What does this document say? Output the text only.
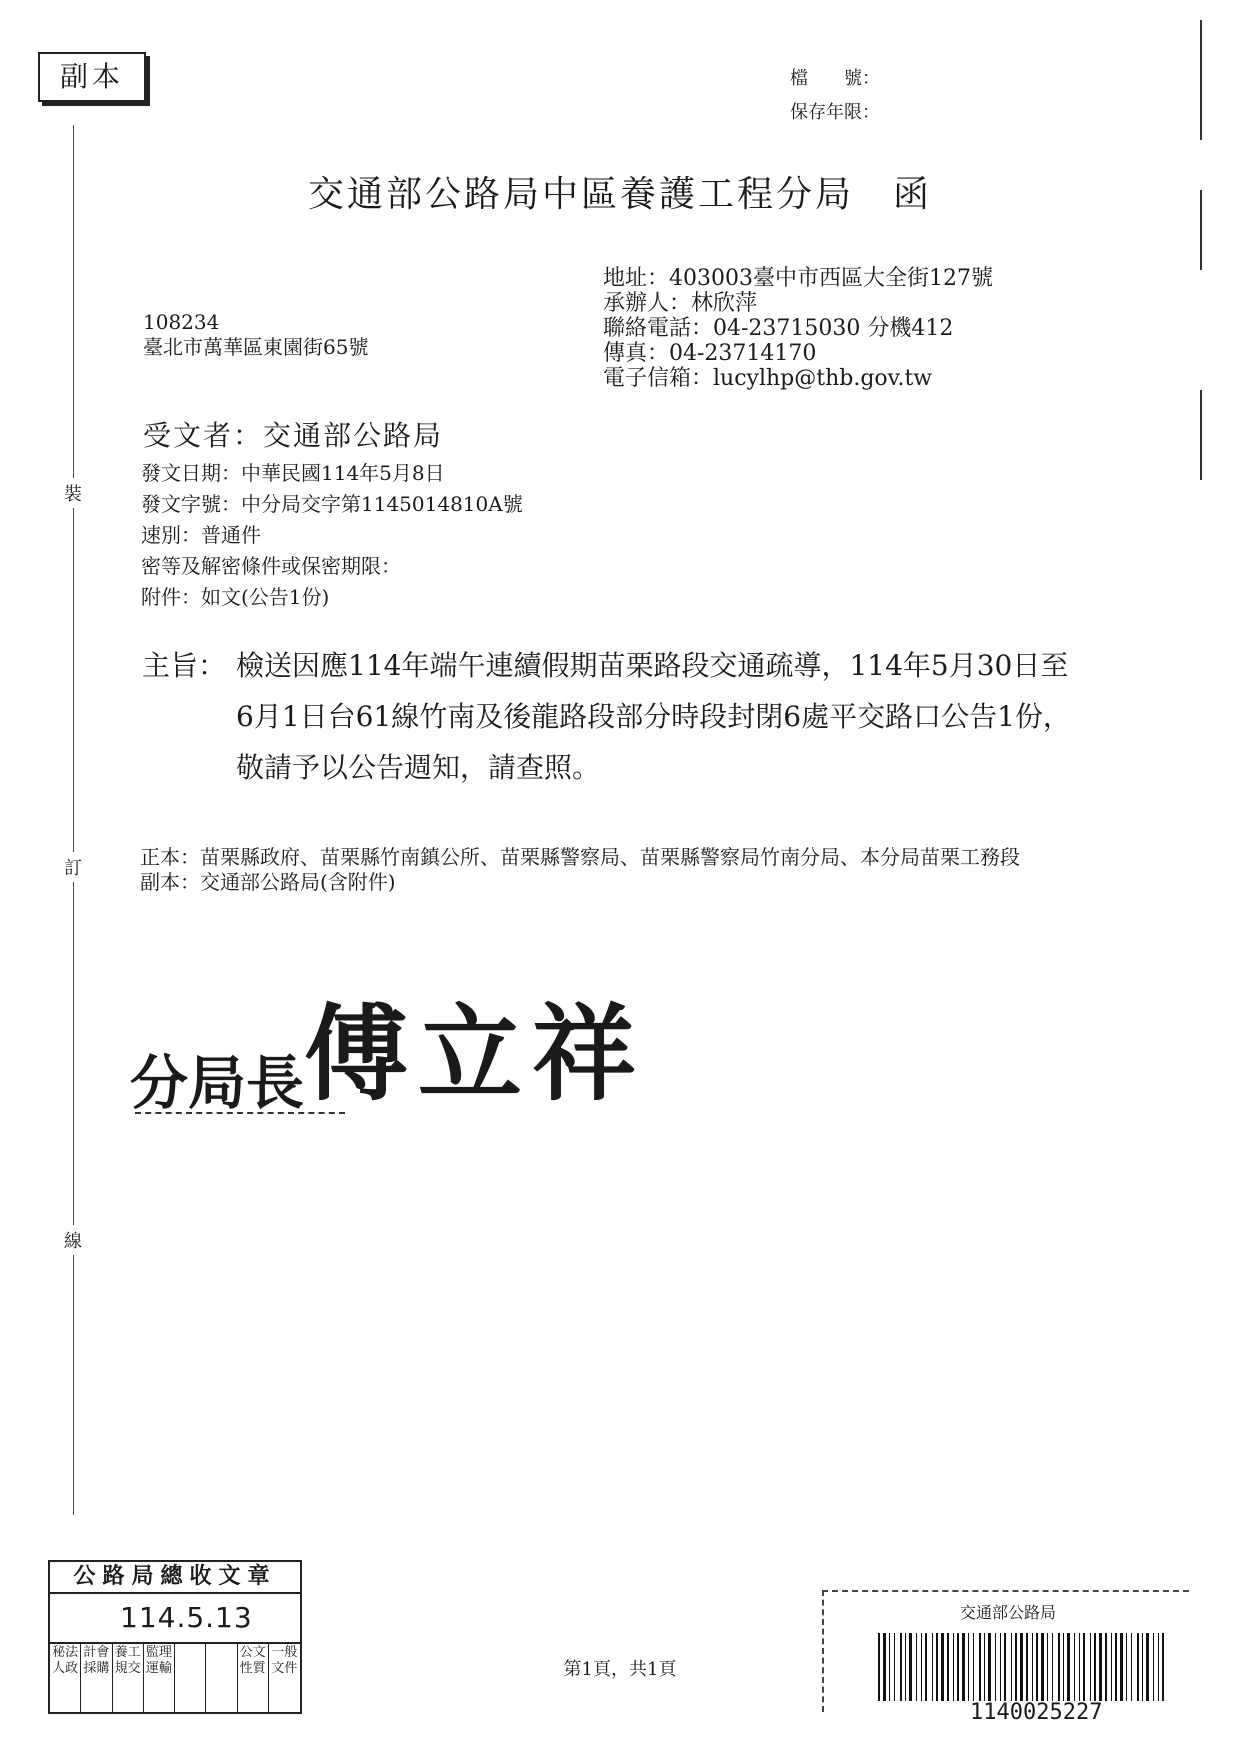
副本	檔　　號：
保存年限：
交通部公路局中區養護工程分局　函
地址：403003臺中市西區大全街127號
承辦人：林欣萍
聯絡電話：04-23715030 分機412
傳真：04-23714170
電子信箱：lucylhp@thb.gov.tw
108234
臺北市萬華區東園街65號
受文者：交通部公路局
發文日期：中華民國114年5月8日
發文字號：中分局交字第1145014810A號
速別：普通件
密等及解密條件或保密期限：
附件：如文(公告1份)
主旨： 檢送因應114年端午連續假期苗栗路段交通疏導，114年5月30日至6月1日台61線竹南及後龍路段部分時段封閉6處平交路口公告1份，敬請予以公告週知，請查照。
正本： 苗栗縣政府、苗栗縣竹南鎮公所、苗栗縣警察局、苗栗縣警察局竹南分局、本分局苗栗工務段
副本： 交通部公路局(含附件)
分局長傅立祥
裝
訂
線
公路局總收文章
114.5.13
秘法人政
計會採購
養工規交
監理運輸
公文性質
一般文件	第1頁，共1頁
交通部公路局
1140025227
